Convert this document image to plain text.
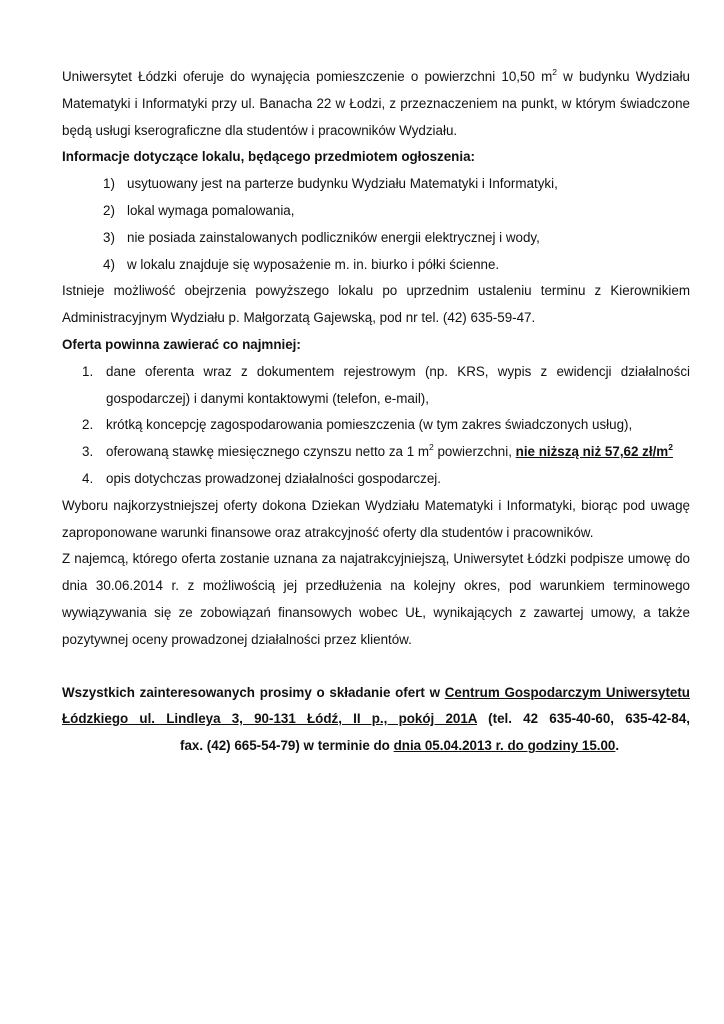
Uniwersytet Łódzki oferuje do wynajęcia pomieszczenie o powierzchni 10,50 $m^2$ w budynku Wydziału Matematyki i Informatyki przy ul. Banacha 22 w Łodzi, z przeznaczeniem na punkt, w którym świadczone będą usługi kserograficzne dla studentów i pracowników Wydziału.

Informacje dotyczące lokalu, będącego przedmiotem ogłoszenia:

1) usytuowany jest na parterze budynku Wydziału Matematyki i Informatyki,
2) lokal wymaga pomalowania,
3) nie posiada zainstalowanych podliczników energii elektrycznej i wody,
4) w lokalu znajduje się wyposażenie m. in. biurko i półki ścienne.

Istnieje możliwość obejrzenia powyższego lokalu po uprzednim ustaleniu terminu z Kierownikiem Administracyjnym Wydziału p. Małgorzatą Gajewską, pod nr tel. (42) 635-59-47.

Oferta powinna zawierać co najmniej:

1. dane oferenta wraz z dokumentem rejestrowym (np. KRS, wypis z ewidencji działalności gospodarczej) i danymi kontaktowymi (telefon, e-mail),
2. krótką koncepcję zagospodarowania pomieszczenia (w tym zakres świadczonych usług),
3. oferowaną stawkę miesięcznego czynszu netto za 1 $m^2$ powierzchni, nie niższą niż 57,62 $zł/m^2$
4. opis dotychczas prowadzonej działalności gospodarczej.

Wyboru najkorzystniejszej oferty dokona Dziekan Wydziału Matematyki i Informatyki, biorąc pod uwagę zaproponowane warunki finansowe oraz atrakcyjność oferty dla studentów i pracowników.

Z najemcą, którego oferta zostanie uznana za najatrakcyjniejszą, Uniwersytet Łódzki podpisze umowę do dnia 30.06.2014 r. z możliwością jej przedłużenia na kolejny okres, pod warunkiem terminowego wywiązywania się ze zobowiązań finansowych wobec UŁ, wynikających z zawartej umowy, a także pozytywnej oceny prowadzonej działalności przez klientów.

Wszystkich zainteresowanych prosimy o składanie ofert w Centrum Gospodarczym Uniwersytetu Łódzkiego ul. Lindleya 3, 90-131 Łódź, II p., pokój 201A (tel. 42 635-40-60, 635-42-84,fax. (42) 665-54-79) w terminie do dnia 05.04.2013 r. do godziny 15.00.
